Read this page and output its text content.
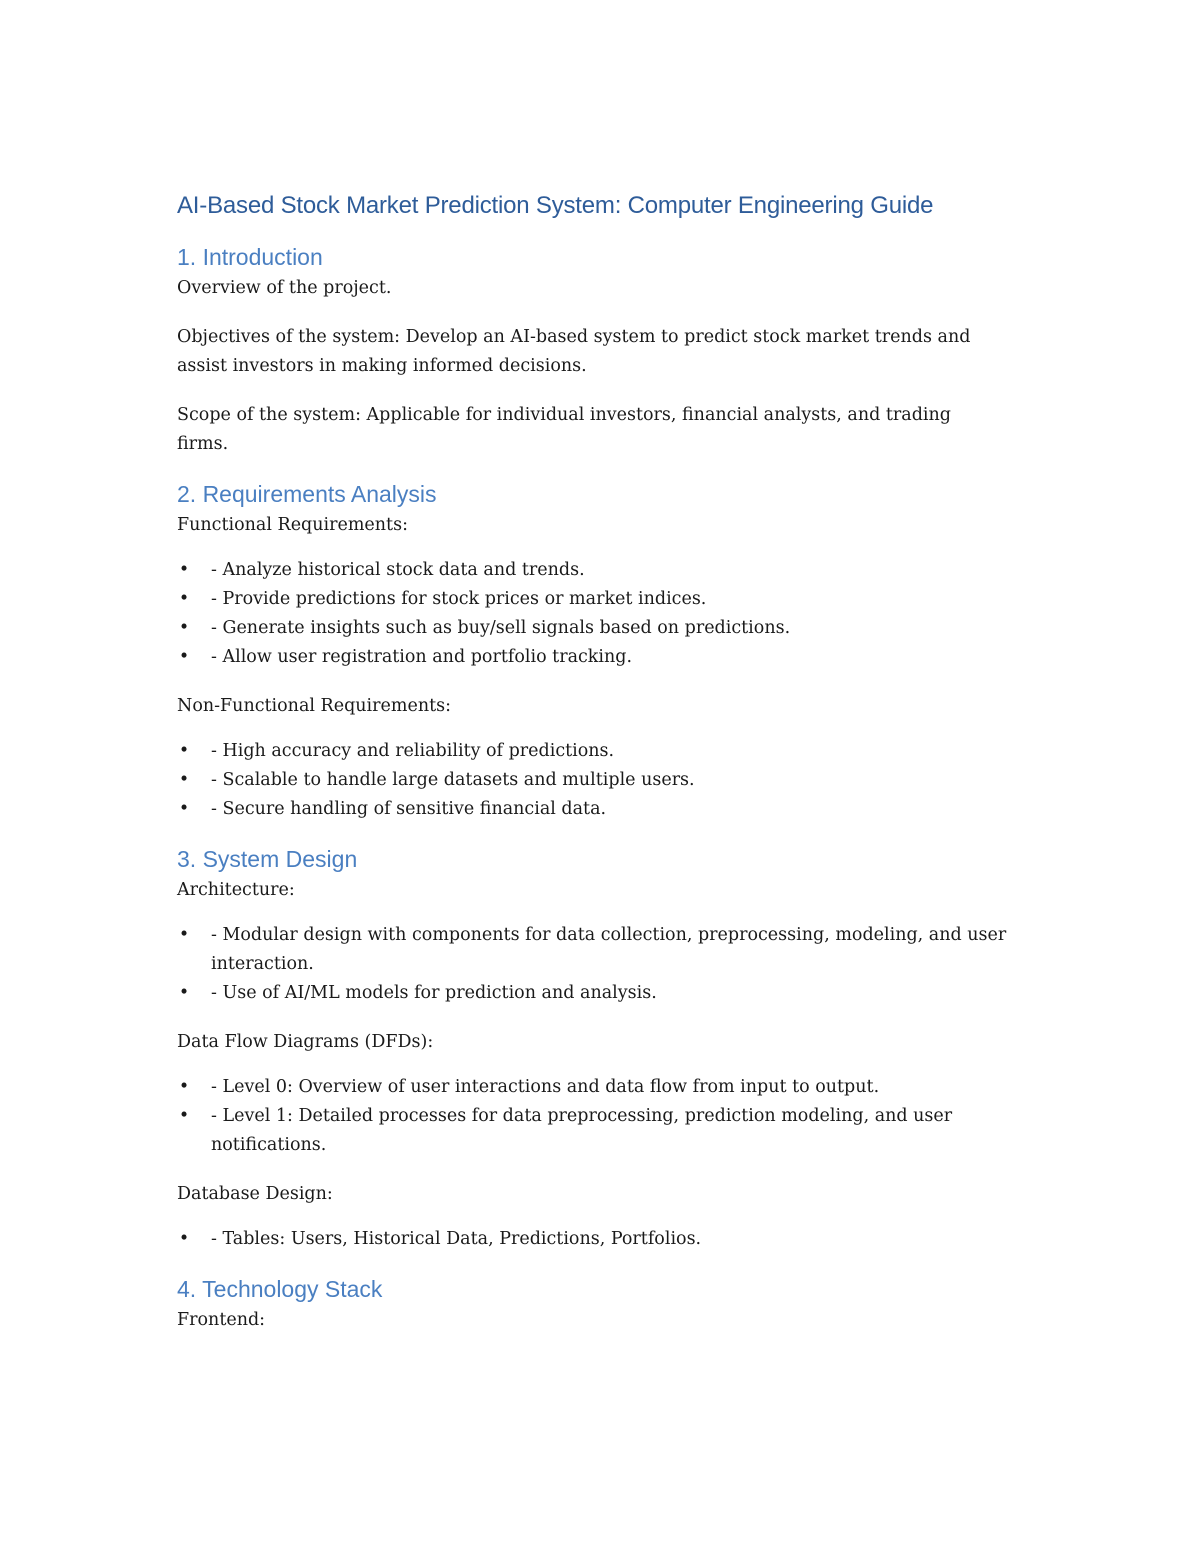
AI-Based Stock Market Prediction System: Computer Engineering Guide
1. Introduction

Overview of the project.

Objectives of the system: Develop an AI-based system to predict stock market trends and assist investors in making informed decisions.

Scope of the system: Applicable for individual investors, financial analysts, and trading firms.

2. Requirements Analysis

Functional Requirements:

• - Analyze historical stock data and trends.
• - Provide predictions for stock prices or market indices.
• - Generate insights such as buy/sell signals based on predictions.
• - Allow user registration and portfolio tracking.

Non-Functional Requirements:

• - High accuracy and reliability of predictions.
• - Scalable to handle large datasets and multiple users.
• - Secure handling of sensitive financial data.
3. System Design

Architecture:

• - Modular design with components for data collection, preprocessing, modeling, and user interaction.
• - Use of AI/ML models for prediction and analysis.

Data Flow Diagrams (DFDs):

• - Level 0: Overview of user interactions and data flow from input to output.
• - Level 1: Detailed processes for data preprocessing, prediction modeling, and user notifications.

Database Design:

• - Tables: Users, Historical Data, Predictions, Portfolios.
4. Technology Stack

Frontend:
